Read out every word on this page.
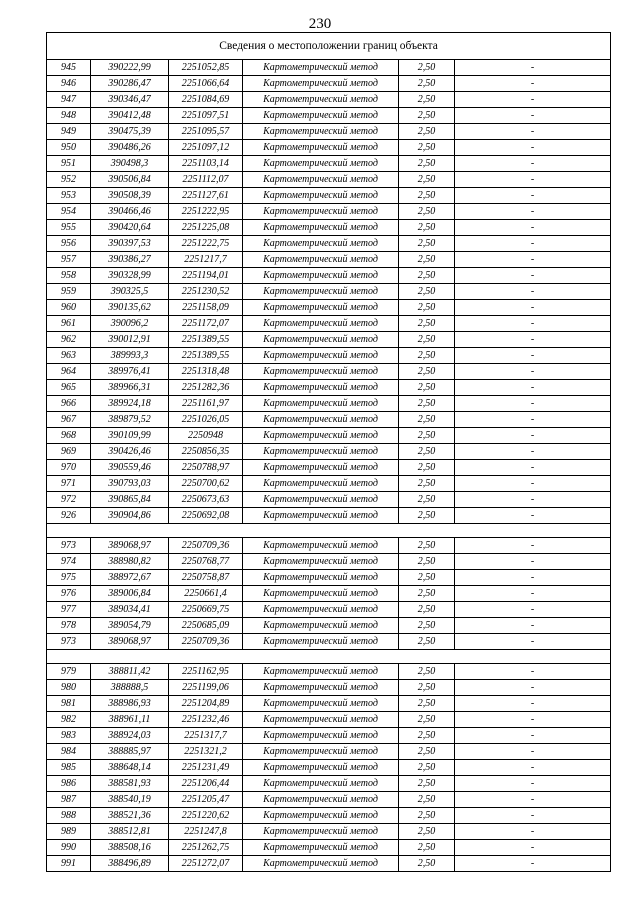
230
Сведения о местоположении границ объекта					
945	390222,99	2251052,85	Картометрический метод	2,50	-
946	390286,47	2251066,64	Картометрический метод	2,50	-
947	390346,47	2251084,69	Картометрический метод	2,50	-
948	390412,48	2251097,51	Картометрический метод	2,50	-
949	390475,39	2251095,57	Картометрический метод	2,50	-
950	390486,26	2251097,12	Картометрический метод	2,50	-
951	390498,3	2251103,14	Картометрический метод	2,50	-
952	390506,84	2251112,07	Картометрический метод	2,50	-
953	390508,39	2251127,61	Картометрический метод	2,50	-
954	390466,46	2251222,95	Картометрический метод	2,50	-
955	390420,64	2251225,08	Картометрический метод	2,50	-
956	390397,53	2251222,75	Картометрический метод	2,50	-
957	390386,27	2251217,7	Картометрический метод	2,50	-
958	390328,99	2251194,01	Картометрический метод	2,50	-
959	390325,5	2251230,52	Картометрический метод	2,50	-
960	390135,62	2251158,09	Картометрический метод	2,50	-
961	390096,2	2251172,07	Картометрический метод	2,50	-
962	390012,91	2251389,55	Картометрический метод	2,50	-
963	389993,3	2251389,55	Картометрический метод	2,50	-
964	389976,41	2251318,48	Картометрический метод	2,50	-
965	389966,31	2251282,36	Картометрический метод	2,50	-
966	389924,18	2251161,97	Картометрический метод	2,50	-
967	389879,52	2251026,05	Картометрический метод	2,50	-
968	390109,99	2250948	Картометрический метод	2,50	-
969	390426,46	2250856,35	Картометрический метод	2,50	-
970	390559,46	2250788,97	Картометрический метод	2,50	-
971	390793,03	2250700,62	Картометрический метод	2,50	-
972	390865,84	2250673,63	Картометрический метод	2,50	-
926	390904,86	2250692,08	Картометрический метод	2,50	-

973	389068,97	2250709,36	Картометрический метод	2,50	-
974	388980,82	2250768,77	Картометрический метод	2,50	-
975	388972,67	2250758,87	Картометрический метод	2,50	-
976	389006,84	2250661,4	Картометрический метод	2,50	-
977	389034,41	2250669,75	Картометрический метод	2,50	-
978	389054,79	2250685,09	Картометрический метод	2,50	-
973	389068,97	2250709,36	Картометрический метод	2,50	-

979	388811,42	2251162,95	Картометрический метод	2,50	-
980	388888,5	2251199,06	Картометрический метод	2,50	-
981	388986,93	2251204,89	Картометрический метод	2,50	-
982	388961,11	2251232,46	Картометрический метод	2,50	-
983	388924,03	2251317,7	Картометрический метод	2,50	-
984	388885,97	2251321,2	Картометрический метод	2,50	-
985	388648,14	2251231,49	Картометрический метод	2,50	-
986	388581,93	2251206,44	Картометрический метод	2,50	-
987	388540,19	2251205,47	Картометрический метод	2,50	-
988	388521,36	2251220,62	Картометрический метод	2,50	-
989	388512,81	2251247,8	Картометрический метод	2,50	-
990	388508,16	2251262,75	Картометрический метод	2,50	-
991	388496,89	2251272,07	Картометрический метод	2,50	-
